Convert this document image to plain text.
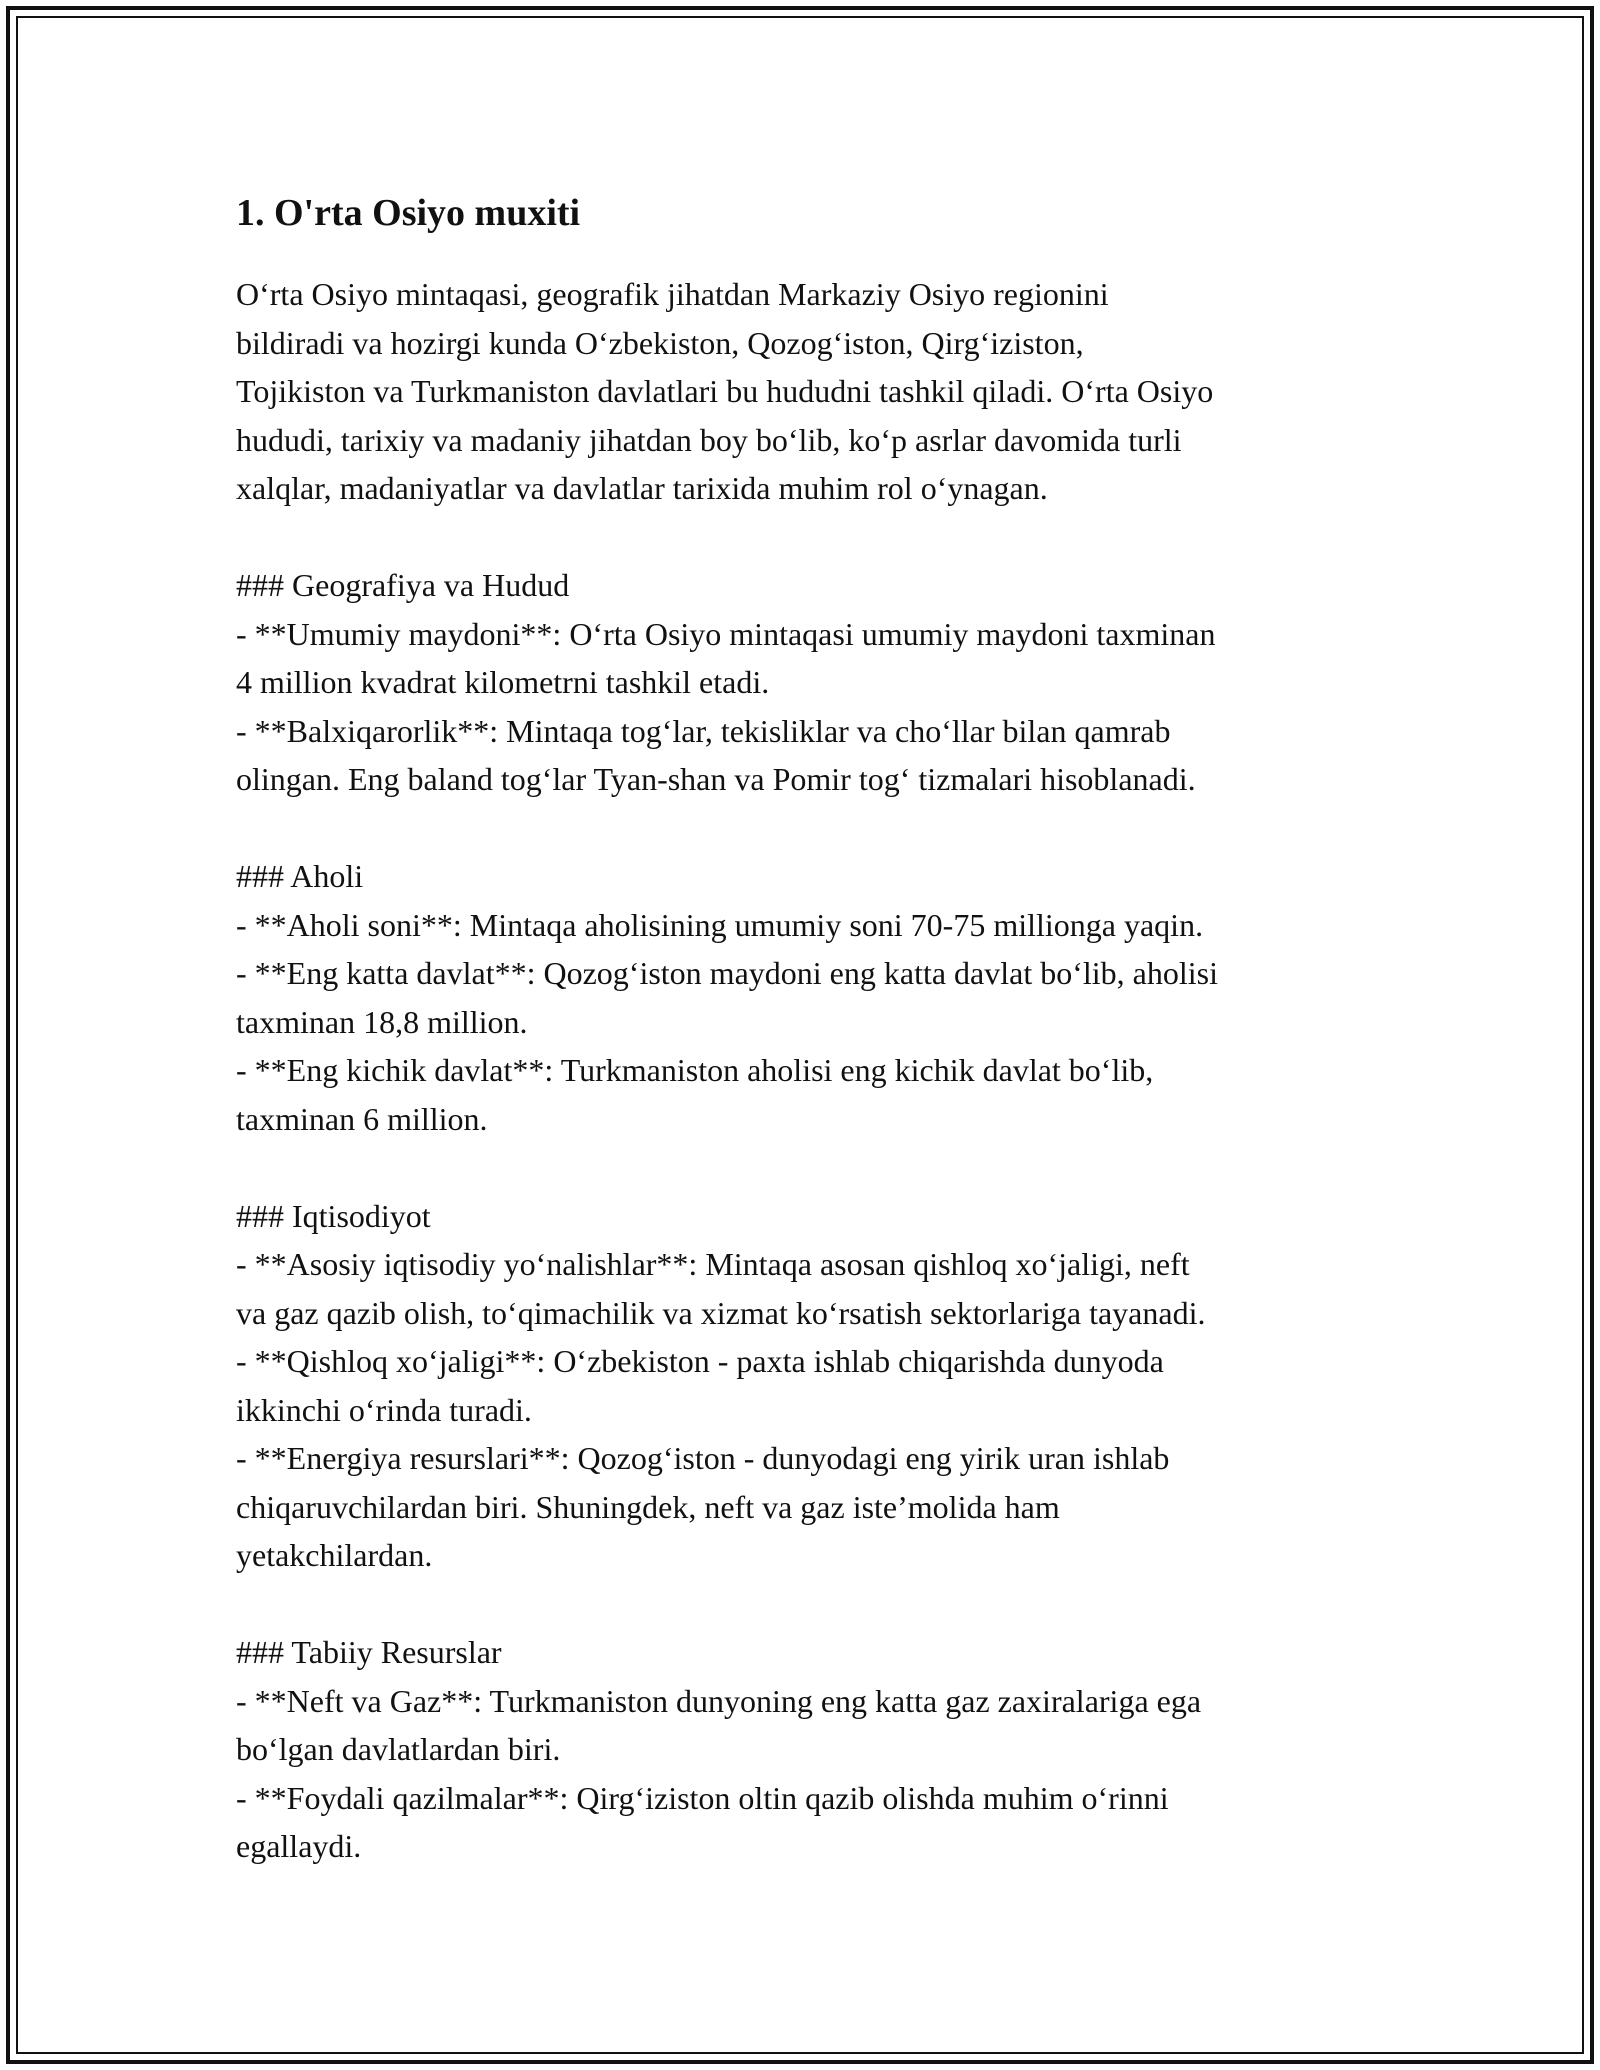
1. O'rta Osiyo muxiti

O‘rta Osiyo mintaqasi, geografik jihatdan Markaziy Osiyo regionini
bildiradi va hozirgi kunda O‘zbekiston, Qozog‘iston, Qirg‘iziston,
Tojikiston va Turkmaniston davlatlari bu hududni tashkil qiladi. O‘rta Osiyo
hududi, tarixiy va madaniy jihatdan boy bo‘lib, ko‘p asrlar davomida turli
xalqlar, madaniyatlar va davlatlar tarixida muhim rol o‘ynagan.

### Geografiya va Hudud
- **Umumiy maydoni**: O‘rta Osiyo mintaqasi umumiy maydoni taxminan
4 million kvadrat kilometrni tashkil etadi.
- **Balxiqarorlik**: Mintaqa tog‘lar, tekisliklar va cho‘llar bilan qamrab
olingan. Eng baland tog‘lar Tyan-shan va Pomir tog‘ tizmalari hisoblanadi.

### Aholi
- **Aholi soni**: Mintaqa aholisining umumiy soni 70-75 millionga yaqin.
- **Eng katta davlat**: Qozog‘iston maydoni eng katta davlat bo‘lib, aholisi
taxminan 18,8 million.
- **Eng kichik davlat**: Turkmaniston aholisi eng kichik davlat bo‘lib,
taxminan 6 million.

### Iqtisodiyot
- **Asosiy iqtisodiy yo‘nalishlar**: Mintaqa asosan qishloq xo‘jaligi, neft
va gaz qazib olish, to‘qimachilik va xizmat ko‘rsatish sektorlariga tayanadi.
- **Qishloq xo‘jaligi**: O‘zbekiston - paxta ishlab chiqarishda dunyoda
ikkinchi o‘rinda turadi.
- **Energiya resurslari**: Qozog‘iston - dunyodagi eng yirik uran ishlab
chiqaruvchilardan biri. Shuningdek, neft va gaz iste’molida ham
yetakchilardan.

### Tabiiy Resurslar
- **Neft va Gaz**: Turkmaniston dunyoning eng katta gaz zaxiralariga ega
bo‘lgan davlatlardan biri.
- **Foydali qazilmalar**: Qirg‘iziston oltin qazib olishda muhim o‘rinni
egallaydi.
